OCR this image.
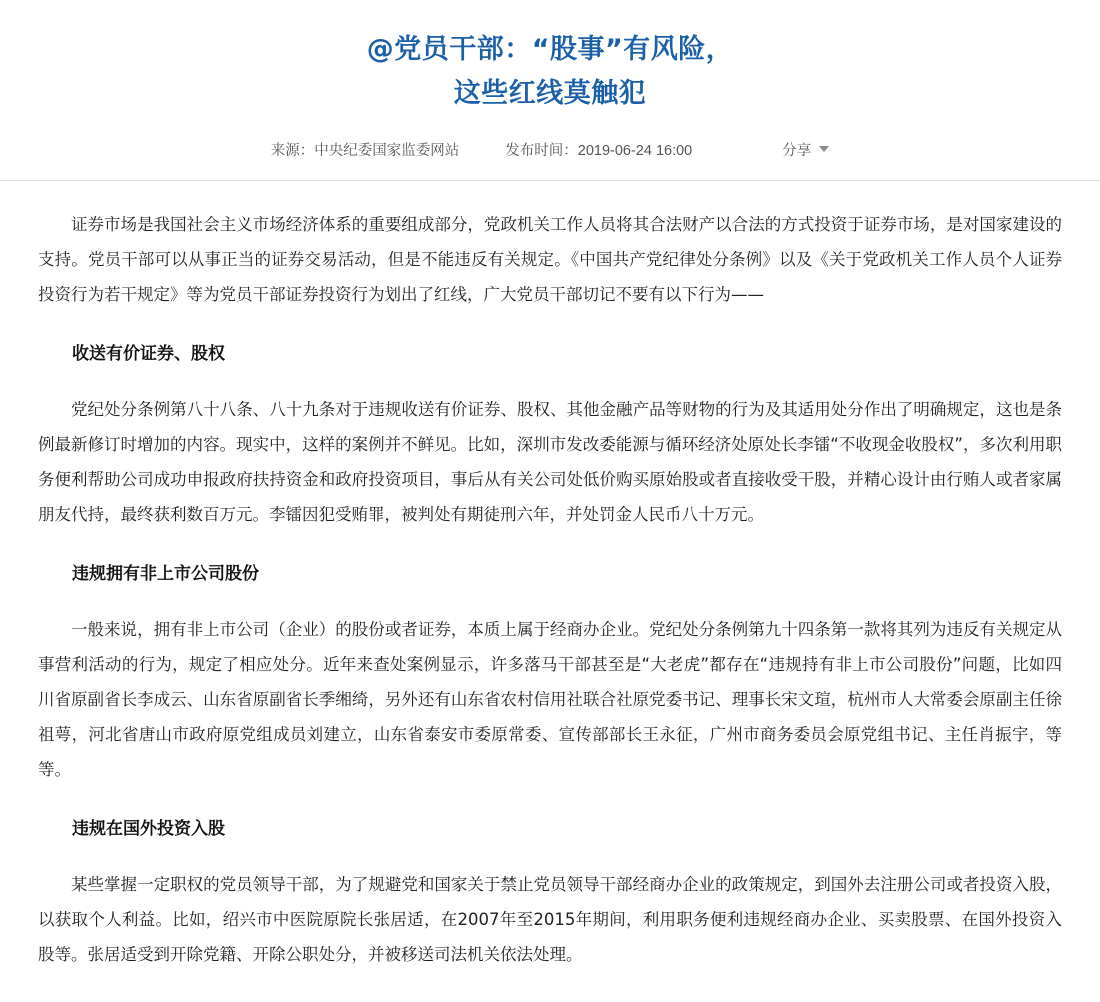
@党员干部：“股事”有风险，
这些红线莫触犯
来源：中央纪委国家监委网站	发布时间：2019-06-24 16:00	分享

证券市场是我国社会主义市场经济体系的重要组成部分，党政机关工作人员将其合法财产以合法的方式投资于证券市场，是对国家建设的支持。党员干部可以从事正当的证券交易活动，但是不能违反有关规定。《中国共产党纪律处分条例》以及《关于党政机关工作人员个人证券投资行为若干规定》等为党员干部证券投资行为划出了红线，广大党员干部切记不要有以下行为——

收送有价证券、股权

党纪处分条例第八十八条、八十九条对于违规收送有价证券、股权、其他金融产品等财物的行为及其适用处分作出了明确规定，这也是条例最新修订时增加的内容。现实中，这样的案例并不鲜见。比如，深圳市发改委能源与循环经济处原处长李镭“不收现金收股权”，多次利用职务便利帮助公司成功申报政府扶持资金和政府投资项目，事后从有关公司处低价购买原始股或者直接收受干股，并精心设计由行贿人或者家属朋友代持，最终获利数百万元。李镭因犯受贿罪，被判处有期徒刑六年，并处罚金人民币八十万元。

违规拥有非上市公司股份

一般来说，拥有非上市公司（企业）的股份或者证券，本质上属于经商办企业。党纪处分条例第九十四条第一款将其列为违反有关规定从事营利活动的行为，规定了相应处分。近年来查处案例显示，许多落马干部甚至是“大老虎”都存在“违规持有非上市公司股份”问题，比如四川省原副省长李成云、山东省原副省长季缃绮，另外还有山东省农村信用社联合社原党委书记、理事长宋文瑄，杭州市人大常委会原副主任徐祖萼，河北省唐山市政府原党组成员刘建立，山东省泰安市委原常委、宣传部部长王永征，广州市商务委员会原党组书记、主任肖振宇，等等。

违规在国外投资入股

某些掌握一定职权的党员领导干部，为了规避党和国家关于禁止党员领导干部经商办企业的政策规定，到国外去注册公司或者投资入股，以获取个人利益。比如，绍兴市中医院原院长张居适，在2007年至2015年期间，利用职务便利违规经商办企业、买卖股票、在国外投资入股等。张居适受到开除党籍、开除公职处分，并被移送司法机关依法处理。
